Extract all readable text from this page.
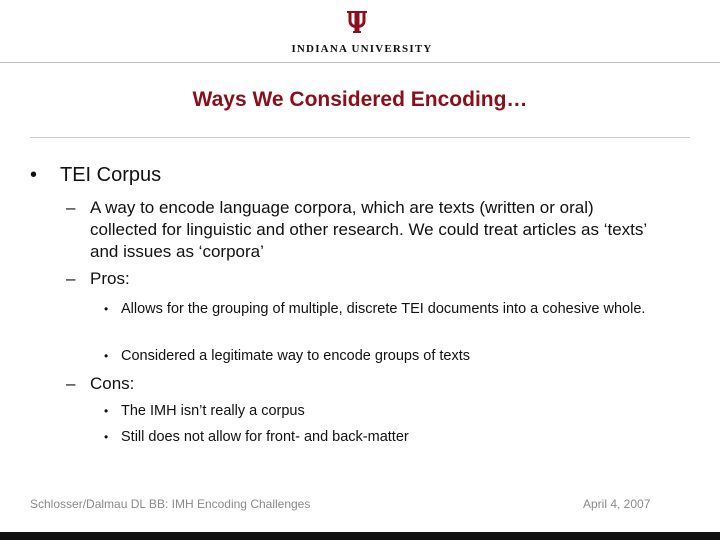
INDIANA UNIVERSITY
Ways We Considered Encoding…
• TEI Corpus
– A way to encode language corpora, which are texts (written or oral) collected for linguistic and other research. We could treat articles as ‘texts’ and issues as ‘corpora’
– Pros:
• Allows for the grouping of multiple, discrete TEI documents into a cohesive whole.
• Considered a legitimate way to encode groups of texts
– Cons:
• The IMH isn’t really a corpus
• Still does not allow for front- and back-matter
Schlosser/Dalmau DL BB: IMH Encoding Challenges	April 4, 2007
